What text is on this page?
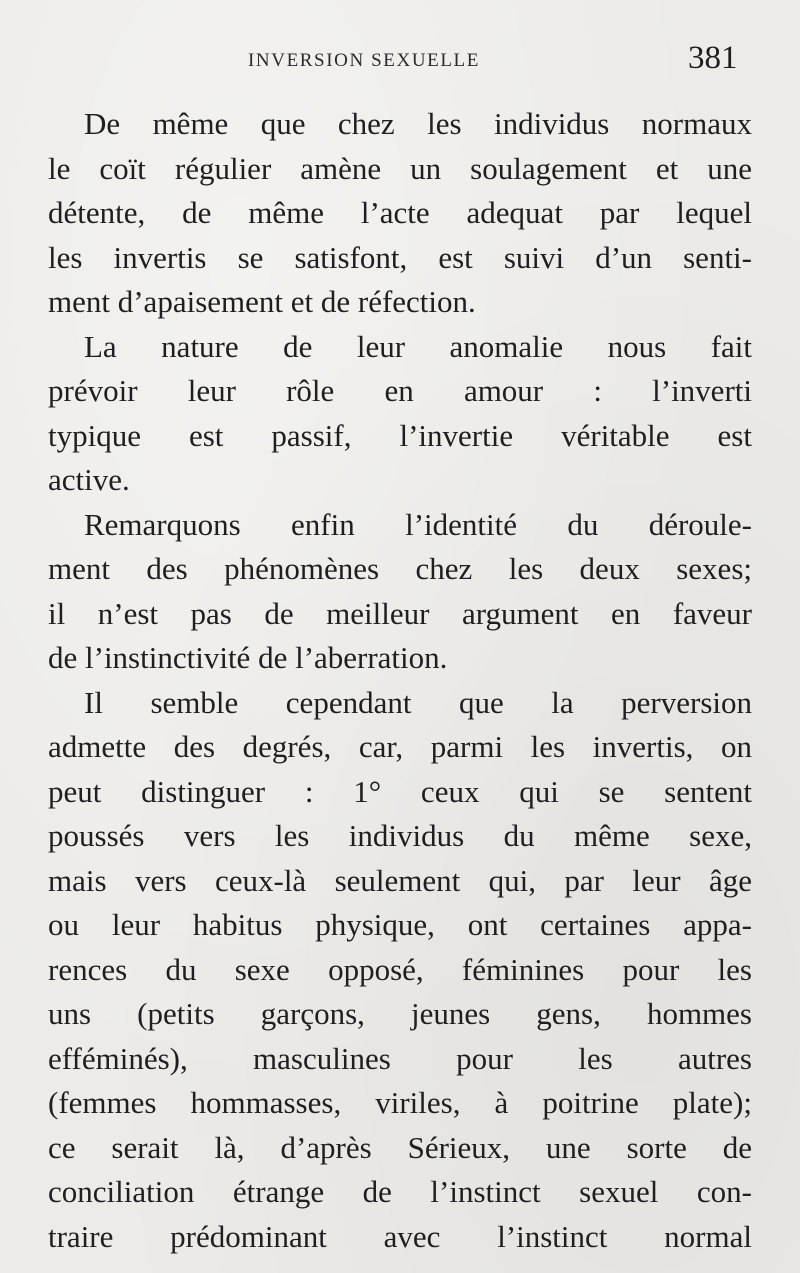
INVERSION SEXUELLE	381
De même que chez les individus normaux
le coït régulier amène un soulagement et une
détente, de même l’acte adequat par lequel
les invertis se satisfont, est suivi d’un senti-
ment d’apaisement et de réfection.
La nature de leur anomalie nous fait
prévoir leur rôle en amour : l’inverti
typique est passif, l’invertie véritable est
active.
Remarquons enfin l’identité du déroule-
ment des phénomènes chez les deux sexes;
il n’est pas de meilleur argument en faveur
de l’instinctivité de l’aberration.
Il semble cependant que la perversion
admette des degrés, car, parmi les invertis, on
peut distinguer : 1° ceux qui se sentent
poussés vers les individus du même sexe,
mais vers ceux-là seulement qui, par leur âge
ou leur habitus physique, ont certaines appa-
rences du sexe opposé, féminines pour les
uns (petits garçons, jeunes gens, hommes
efféminés), masculines pour les autres
(femmes hommasses, viriles, à poitrine plate);
ce serait là, d’après Sérieux, une sorte de
conciliation étrange de l’instinct sexuel con-
traire prédominant avec l’instinct normal
